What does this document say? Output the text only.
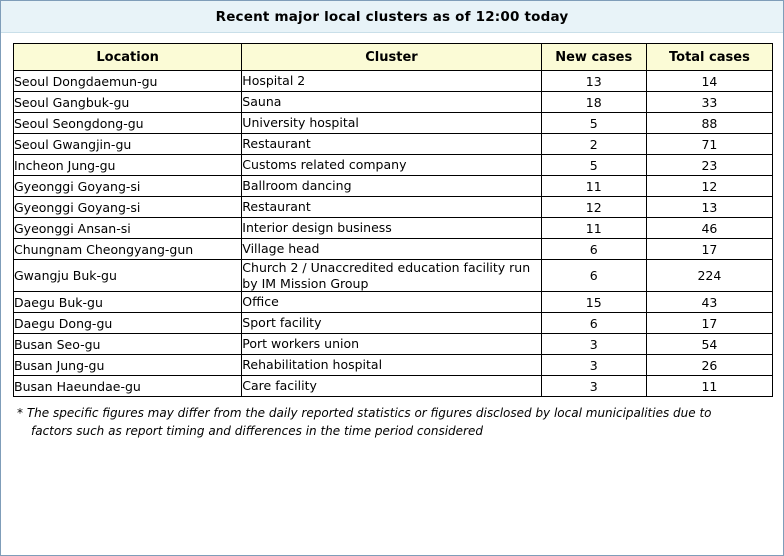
Recent major local clusters as of 12:00 today
Location	Cluster	New cases	Total cases
Seoul Dongdaemun-gu	Hospital 2	13	14
Seoul Gangbuk-gu	Sauna	18	33
Seoul Seongdong-gu	University hospital	5	88
Seoul Gwangjin-gu	Restaurant	2	71
Incheon Jung-gu	Customs related company	5	23
Gyeonggi Goyang-si	Ballroom dancing	11	12
Gyeonggi Goyang-si	Restaurant	12	13
Gyeonggi Ansan-si	Interior design business	11	46
Chungnam Cheongyang-gun	Village head	6	17
Gwangju Buk-gu	Church 2 / Unaccredited education facility run by IM Mission Group	6	224
Daegu Buk-gu	Office	15	43
Daegu Dong-gu	Sport facility	6	17
Busan Seo-gu	Port workers union	3	54
Busan Jung-gu	Rehabilitation hospital	3	26
Busan Haeundae-gu	Care facility	3	11
* The specific figures may differ from the daily reported statistics or figures disclosed by local municipalities due to
factors such as report timing and differences in the time period considered
